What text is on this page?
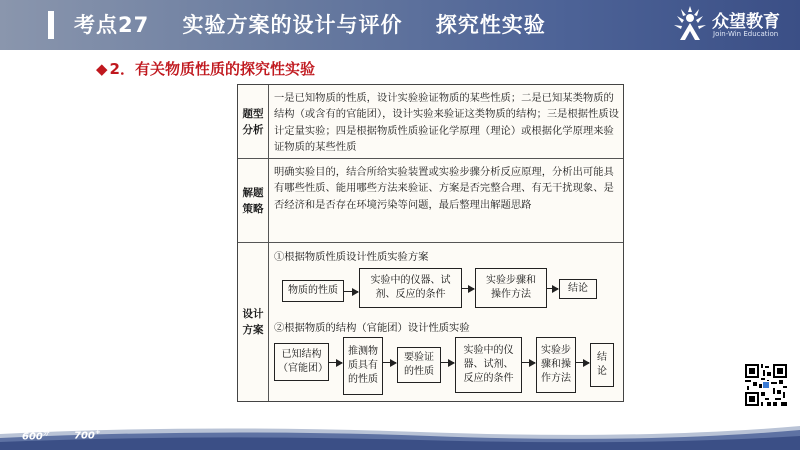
考点27    实验方案的设计与评价    探究性实验	众望教育
Join-Win Education
◆ 2．有关物质性质的探究性实验
题型分析
一是已知物质的性质，设计实验验证物质的某些性质；二是已知某类物质的结构（或含有的官能团），设计实验来验证这类物质的结构；三是根据性质设计定量实验；四是根据物质性质验证化学原理（理论）或根据化学原理来验证物质的某些性质
解题策略
明确实验目的，结合所给实验装置或实验步骤分析反应原理，分析出可能具有哪些性质、能用哪些方法来验证、方案是否完整合理、有无干扰现象、是否经济和是否存在环境污染等问题，最后整理出解题思路
设计方案
①根据物质性质设计性质实验方案
物质的性质
实验中的仪器、试剂、反应的条件
实验步骤和操作方法
结论
②根据物质的结构（官能团）设计性质实验
已知结构（官能团）
推测物质具有的性质
要验证的性质
实验中的仪器、试剂、反应的条件
实验步骤和操作方法
结论
$600^分$	700+
